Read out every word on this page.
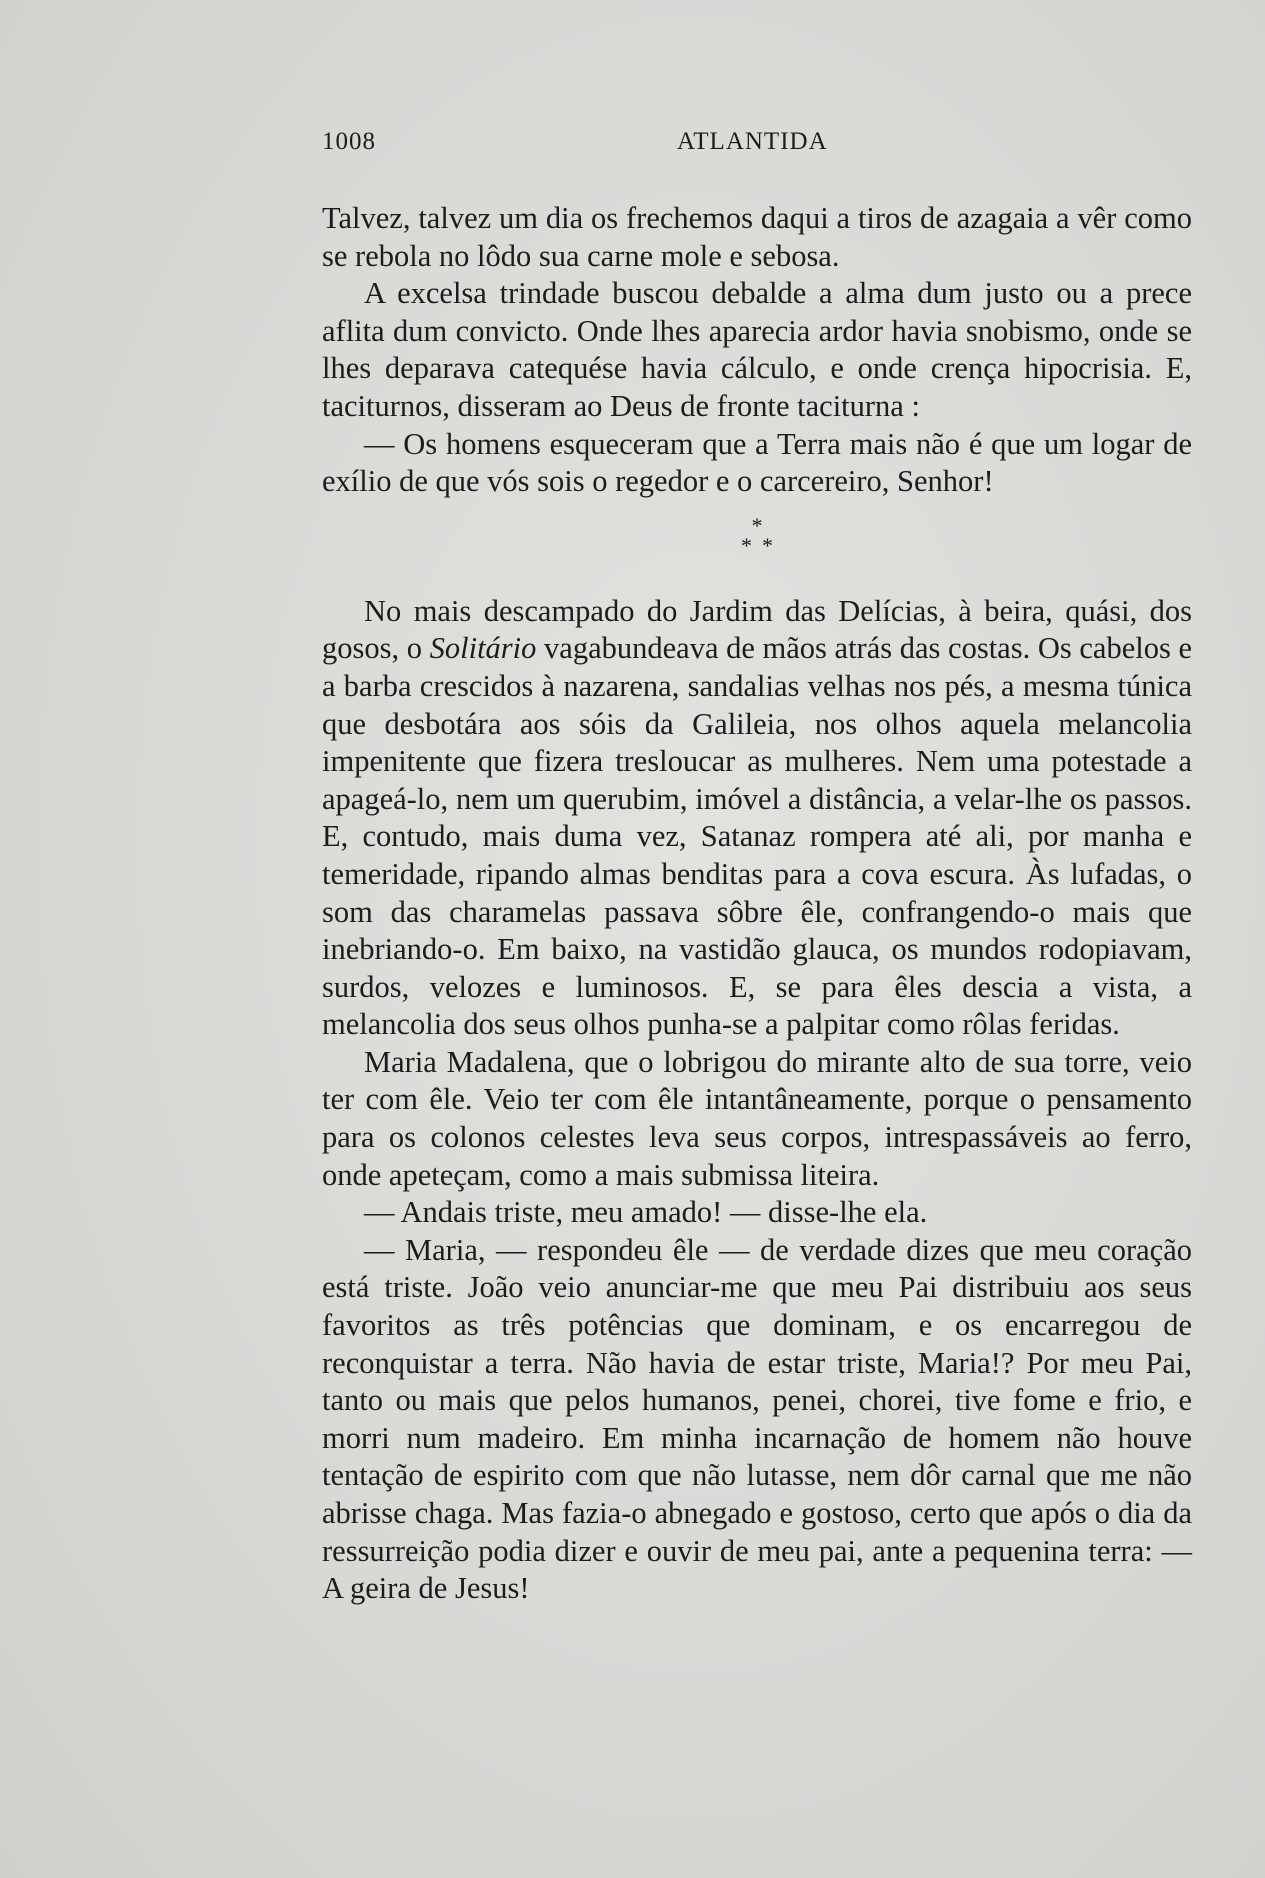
1008	ATLANTIDA

Talvez, talvez um dia os frechemos daqui a tiros de azagaia a vêr como se rebola no lôdo sua carne mole e sebosa.

A excelsa trindade buscou debalde a alma dum justo ou a prece aflita dum convicto. Onde lhes aparecia ardor havia snobismo, onde se lhes deparava catequése havia cálculo, e onde crença hipocrisia. E, taciturnos, disseram ao Deus de fronte taciturna :

— Os homens esqueceram que a Terra mais não é que um logar de exílio de que vós sois o regedor e o carcereiro, Senhor!

*
**

No mais descampado do Jardim das Delícias, à beira, quási, dos gosos, o Solitário vagabundeava de mãos atrás das costas. Os cabelos e a barba crescidos à nazarena, sandalias velhas nos pés, a mesma túnica que desbotára aos sóis da Galileia, nos olhos aquela melancolia impenitente que fizera tresloucar as mulheres. Nem uma potestade a apageá-lo, nem um querubim, imóvel a distância, a velar-lhe os passos. E, contudo, mais duma vez, Satanaz rompera até ali, por manha e temeridade, ripando almas benditas para a cova escura. Às lufadas, o som das charamelas passava sôbre êle, confrangendo-o mais que inebriando-o. Em baixo, na vastidão glauca, os mundos rodopiavam, surdos, velozes e luminosos. E, se para êles descia a vista, a melancolia dos seus olhos punha-se a palpitar como rôlas feridas.

Maria Madalena, que o lobrigou do mirante alto de sua torre, veio ter com êle. Veio ter com êle intantâneamente, porque o pensamento para os colonos celestes leva seus corpos, intrespassáveis ao ferro, onde apeteçam, como a mais submissa liteira.

— Andais triste, meu amado! — disse-lhe ela.

— Maria, — respondeu êle — de verdade dizes que meu coração está triste. João veio anunciar-me que meu Pai distribuiu aos seus favoritos as três potências que dominam, e os encarregou de reconquistar a terra. Não havia de estar triste, Maria!? Por meu Pai, tanto ou mais que pelos humanos, penei, chorei, tive fome e frio, e morri num madeiro. Em minha incarnação de homem não houve tentação de espirito com que não lutasse, nem dôr carnal que me não abrisse chaga. Mas fazia-o abnegado e gostoso, certo que após o dia da ressurreição podia dizer e ouvir de meu pai, ante a pequenina terra: — A geira de Jesus!
